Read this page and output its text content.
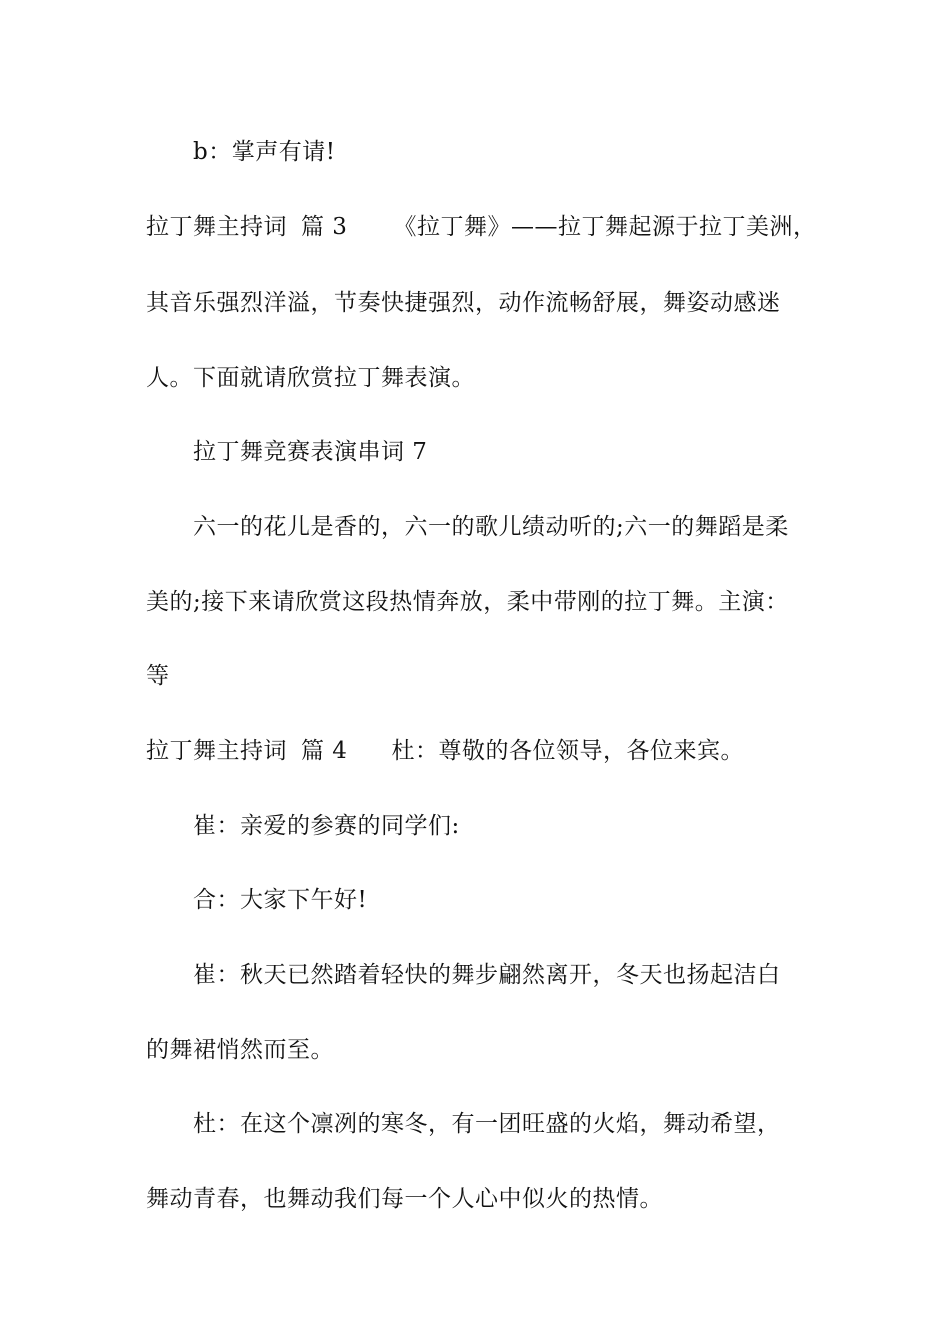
b：掌声有请!
拉丁舞主持词 篇 3 《拉丁舞》——拉丁舞起源于拉丁美洲，
其音乐强烈洋溢，节奏快捷强烈，动作流畅舒展，舞姿动感迷
人。下面就请欣赏拉丁舞表演。
拉丁舞竞赛表演串词 7
六一的花儿是香的，六一的歌儿绩动听的;六一的舞蹈是柔
美的;接下来请欣赏这段热情奔放，柔中带刚的拉丁舞。主演：
等
拉丁舞主持词 篇 4 杜：尊敬的各位领导，各位来宾。
崔：亲爱的参赛的同学们:
合：大家下午好!
崔：秋天已然踏着轻快的舞步翩然离开，冬天也扬起洁白
的舞裙悄然而至。
杜：在这个凛冽的寒冬，有一团旺盛的火焰，舞动希望，
舞动青春，也舞动我们每一个人心中似火的热情。
